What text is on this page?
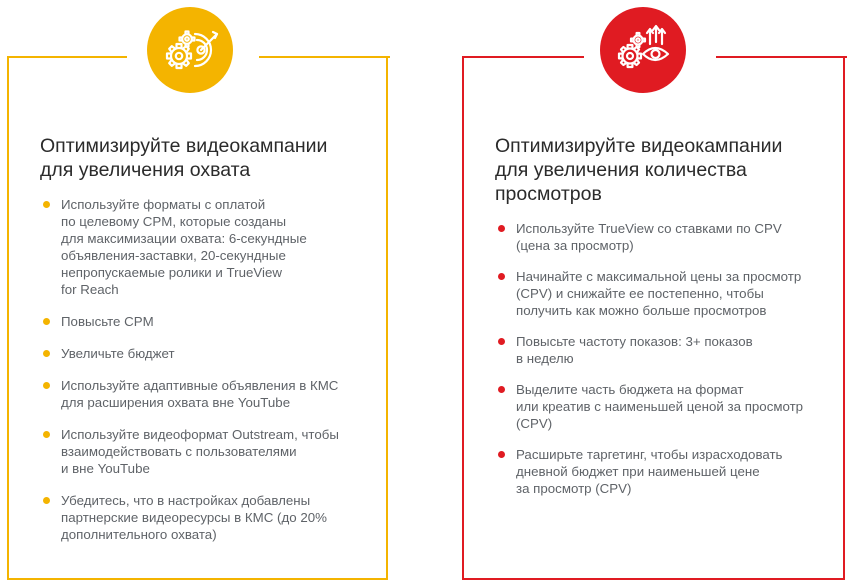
Оптимизируйте видеокампании
для увеличения охвата
Используйте форматы с оплатой
по целевому CPM, которые созданы
для максимизации охвата: 6-секундные
объявления-заставки, 20-секундные
непропускаемые ролики и TrueView
for Reach
Повысьте CPM
Увеличьте бюджет
Используйте адаптивные объявления в КМС
для расширения охвата вне YouTube
Используйте видеоформат Outstream, чтобы
взаимодействовать с пользователями
и вне YouTube
Убедитесь, что в настройках добавлены
партнерские видеоресурсы в КМС (до 20%
дополнительного охвата)
Оптимизируйте видеокампании
для увеличения количества
просмотров
Используйте TrueView со ставками по CPV
(цена за просмотр)
Начинайте с максимальной цены за просмотр
(CPV) и снижайте ее постепенно, чтобы
получить как можно больше просмотров
Повысьте частоту показов: 3+ показов
в неделю
Выделите часть бюджета на формат
или креатив с наименьшей ценой за просмотр
(CPV)
Расширьте таргетинг, чтобы израсходовать
дневной бюджет при наименьшей цене
за просмотр (CPV)
